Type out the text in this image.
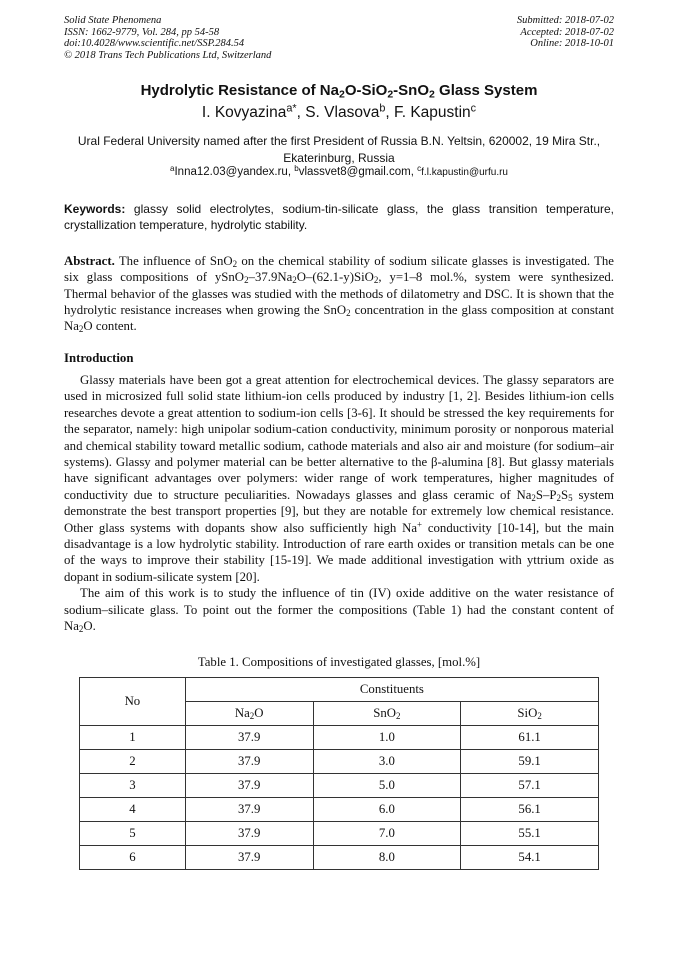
Solid State Phenomena
ISSN: 1662-9779, Vol. 284, pp 54-58
doi:10.4028/www.scientific.net/SSP.284.54
© 2018 Trans Tech Publications Ltd, Switzerland
Submitted: 2018-07-02
Accepted: 2018-07-02
Online: 2018-10-01
Hydrolytic Resistance of $Na_2O-SiO_2-SnO_2$ Glass System
I. Kovyazina$^{a*}$, S. Vlasova$^b$, F. Kapustin$^c$
Ural Federal University named after the first President of Russia B.N. Yeltsin, 620002, 19 Mira Str., Ekaterinburg, Russia
$^a$Inna12.03@yandex.ru, $^b$vlassvet8@gmail.com, $^c$f.l.kapustin@urfu.ru
Keywords: glassy solid electrolytes, sodium-tin-silicate glass, the glass transition temperature, crystallization temperature, hydrolytic stability.
Abstract. The influence of SnO$_2$ on the chemical stability of sodium silicate glasses is investigated. The six glass compositions of $ySnO_2-37.9Na_2O-(62.1-y)SiO_2$, y=1–8 mol.%, system were synthesized. Thermal behavior of the glasses was studied with the methods of dilatometry and DSC. It is shown that the hydrolytic resistance increases when growing the SnO$_2$ concentration in the glass composition at constant $Na_2O$ content.
Introduction

Glassy materials have been got a great attention for electrochemical devices. The glassy separators are used in microsized full solid state lithium-ion cells produced by industry [1, 2]. Besides lithium-ion cells researches devote a great attention to sodium-ion cells [3-6]. It should be stressed the key requirements for the separator, namely: high unipolar sodium-cation conductivity, minimum porosity or nonporous material and chemical stability toward metallic sodium, cathode materials and also air and moisture (for sodium–air systems). Glassy and polymer material can be better alternative to the β-alumina [8]. But glassy materials have significant advantages over polymers: wider range of work temperatures, higher magnitudes of conductivity due to structure peculiarities. Nowadays glasses and glass ceramic of $Na_2S-P_2S_5$ system demonstrate the best transport properties [9], but they are notable for extremely low chemical resistance. Other glass systems with dopants show also sufficiently high Na+ conductivity [10-14], but the main disadvantage is a low hydrolytic stability. Introduction of rare earth oxides or transition metals can be one of the ways to improve their stability [15-19]. We made additional investigation with yttrium oxide as dopant in sodium-silicate system [20].

The aim of this work is to study the influence of tin (IV) oxide additive on the water resistance of sodium–silicate glass. To point out the former the compositions (Table 1) had the constant content of $Na_2O$.

Table 1. Compositions of investigated glasses, [mol.%]
No	Constituents		
	$Na_2O$	SnO$_2$	SiO$_2$
1	37.9	1.0	61.1
2	37.9	3.0	59.1
3	37.9	5.0	57.1
4	37.9	6.0	56.1
5	37.9	7.0	55.1
6	37.9	8.0	54.1
